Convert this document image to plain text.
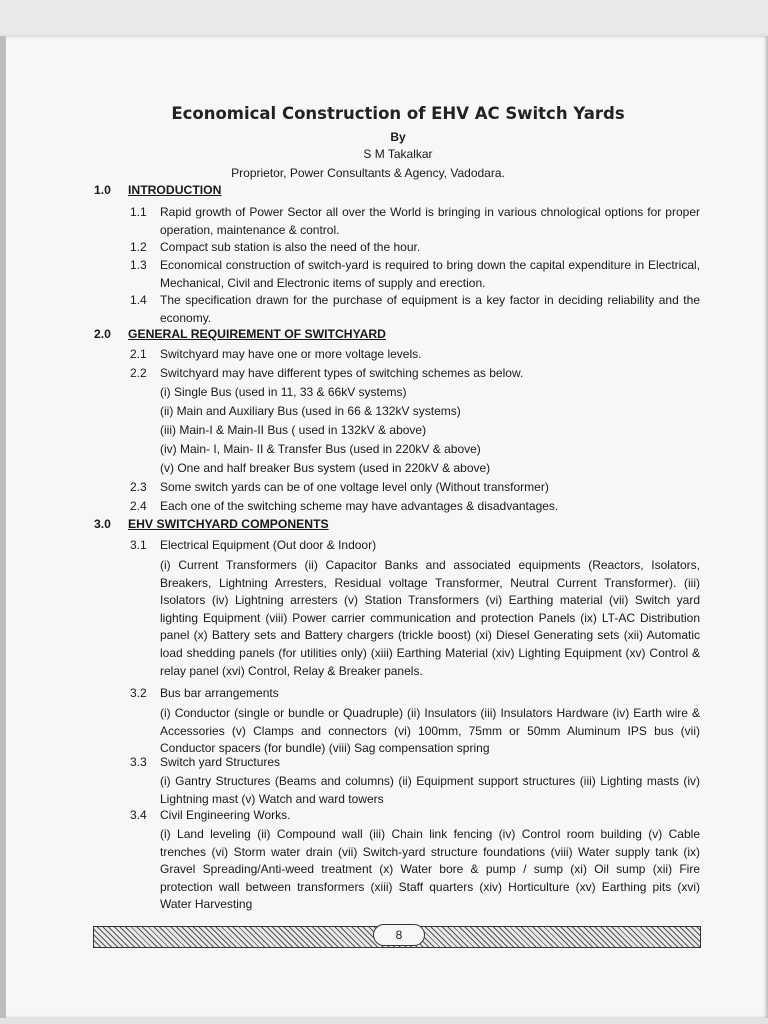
Economical Construction of EHV AC Switch Yards
By
S M Takalkar
Proprietor, Power Consultants & Agency, Vadodara.
1.0 INTRODUCTION
1.1 Rapid growth of Power Sector all over the World is bringing in various chnological options for proper operation, maintenance & control.
1.2 Compact sub station is also the need of the hour.
1.3 Economical construction of switch-yard is required to bring down the capital expenditure in Electrical, Mechanical, Civil and Electronic items of supply and erection.
1.4 The specification drawn for the purchase of equipment is a key factor in deciding reliability and the economy.
2.0 GENERAL REQUIREMENT OF SWITCHYARD
2.1 Switchyard may have one or more voltage levels.
2.2 Switchyard may have different types of switching schemes as below.
(i) Single Bus (used in 11, 33 & 66kV systems)
(ii) Main and Auxiliary Bus (used in 66 & 132kV systems)
(iii) Main-I & Main-II Bus ( used in 132kV & above)
(iv) Main- I, Main- II & Transfer Bus (used in 220kV & above)
(v) One and half breaker Bus system (used in 220kV & above)
2.3 Some switch yards can be of one voltage level only (Without transformer)
2.4 Each one of the switching scheme may have advantages & disadvantages.
3.0 EHV SWITCHYARD COMPONENTS
3.1 Electrical Equipment (Out door & Indoor)
(i) Current Transformers (ii) Capacitor Banks and associated equipments (Reactors, Isolators, Breakers, Lightning Arresters, Residual voltage Transformer, Neutral Current Transformer). (iii) Isolators (iv) Lightning arresters (v) Station Transformers (vi) Earthing material (vii) Switch yard lighting Equipment (viii) Power carrier communication and protection Panels (ix) LT-AC Distribution panel (x) Battery sets and Battery chargers (trickle boost) (xi) Diesel Generating sets (xii) Automatic load shedding panels (for utilities only) (xiii) Earthing Material (xiv) Lighting Equipment (xv) Control & relay panel (xvi) Control, Relay & Breaker panels.
3.2 Bus bar arrangements
(i) Conductor (single or bundle or Quadruple) (ii) Insulators (iii) Insulators Hardware (iv) Earth wire & Accessories (v) Clamps and connectors (vi) 100mm, 75mm or 50mm Aluminum IPS bus (vii) Conductor spacers (for bundle) (viii) Sag compensation spring
3.3 Switch yard Structures
(i) Gantry Structures (Beams and columns) (ii) Equipment support structures (iii) Lighting masts (iv) Lightning mast (v) Watch and ward towers
3.4 Civil Engineering Works.
(i) Land leveling (ii) Compound wall (iii) Chain link fencing (iv) Control room building (v) Cable trenches (vi) Storm water drain (vii) Switch-yard structure foundations (viii) Water supply tank (ix) Gravel Spreading/Anti-weed treatment (x) Water bore & pump / sump (xi) Oil sump (xii) Fire protection wall between transformers (xiii) Staff quarters (xiv) Horticulture (xv) Earthing pits (xvi) Water Harvesting
8
